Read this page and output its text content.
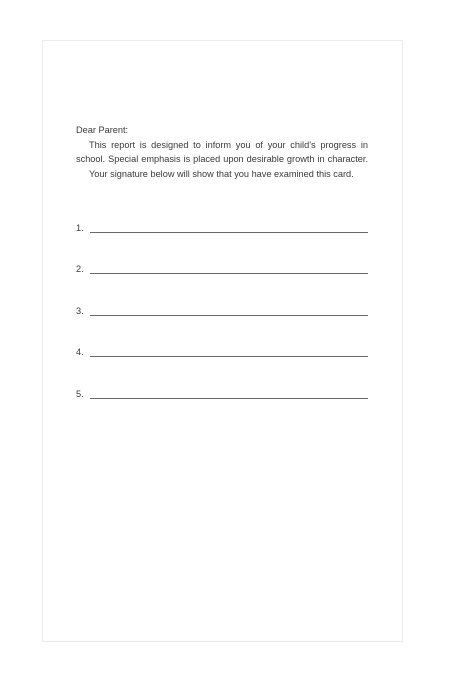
Dear Parent:
This report is designed to inform you of your child’s progress in
school. Special emphasis is placed upon desirable growth in character.
Your signature below will show that you have examined this card.
1.
2.
3.
4.
5.
